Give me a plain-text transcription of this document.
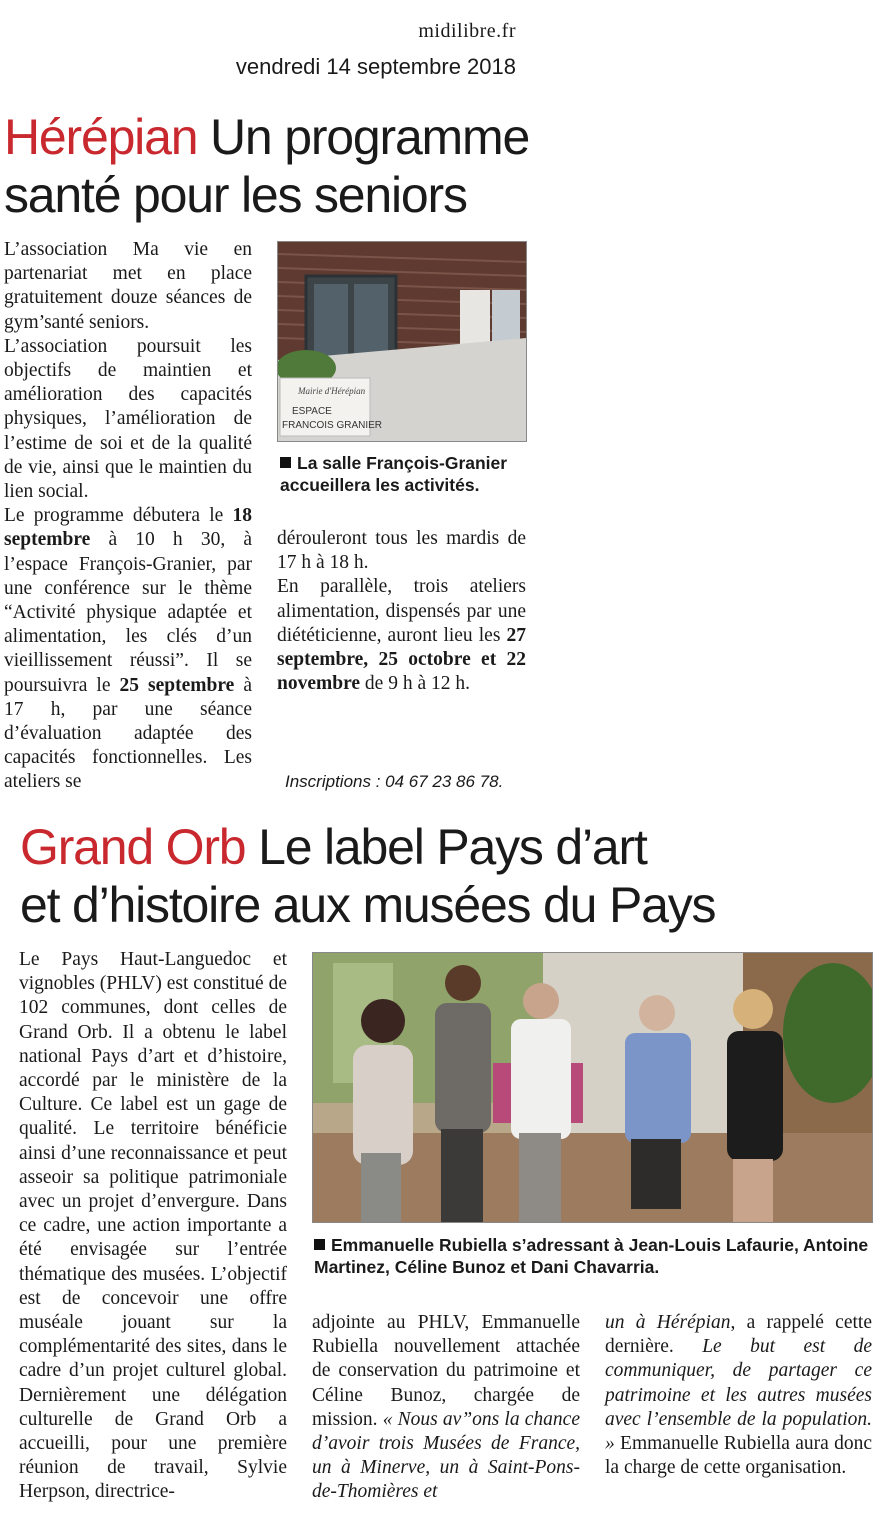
midilibre.fr
vendredi 14 septembre 2018
Hérépian Un programme
santé pour les seniors

L’association Ma vie en partenariat met en place gratuitement douze séances de gym’santé seniors.

L’association poursuit les objectifs de maintien et amélioration des capacités physiques, l’amélioration de l’estime de soi et de la qualité de vie, ainsi que le maintien du lien social.

Le programme débutera le 18 septembre à 10 h 30, à l’espace François-Granier, par une conférence sur le thème “Activité physique adaptée et alimentation, les clés d’un vieillissement réussi”. Il se poursuivra le 25 septembre à 17 h, par une séance d’évaluation adaptée des capacités fonctionnelles. Les ateliers se

Mairie d'Hérépian
ESPACE
FRANCOIS GRANIER
La salle François-Granier accueillera les activités.

dérouleront tous les mardis de 17 h à 18 h.

En parallèle, trois ateliers alimentation, dispensés par une diététicienne, auront lieu les 27 septembre, 25 octobre et 22 novembre de 9 h à 12 h.

Inscriptions : 04 67 23 86 78.
Grand Orb Le label Pays d’art
et d’histoire aux musées du Pays

Le Pays Haut-Languedoc et vignobles (PHLV) est constitué de 102 communes, dont celles de Grand Orb. Il a obtenu le label national Pays d’art et d’histoire, accordé par le ministère de la Culture. Ce label est un gage de qualité. Le territoire bénéficie ainsi d’une reconnaissance et peut asseoir sa politique patrimoniale avec un projet d’envergure. Dans ce cadre, une action importante a été envisagée sur l’entrée thématique des musées. L’objectif est de concevoir une offre muséale jouant sur la complémentarité des sites, dans le cadre d’un projet culturel global. Dernièrement une délégation culturelle de Grand Orb a accueilli, pour une première réunion de travail, Sylvie Herpson, directrice-

Emmanuelle Rubiella s’adressant à Jean-Louis Lafaurie, Antoine Martinez, Céline Bunoz et Dani Chavarria.

adjointe au PHLV, Emmanuelle Rubiella nouvellement attachée de conservation du patrimoine et Céline Bunoz, chargée de mission. « Nous av”ons la chance d’avoir trois Musées de France, un à Minerve, un à Saint-Pons-de-Thomières et

un à Hérépian, a rappelé cette dernière. Le but est de communiquer, de partager ce patrimoine et les autres musées avec l’ensemble de la population. » Emmanuelle Rubiella aura donc la charge de cette organisation.
